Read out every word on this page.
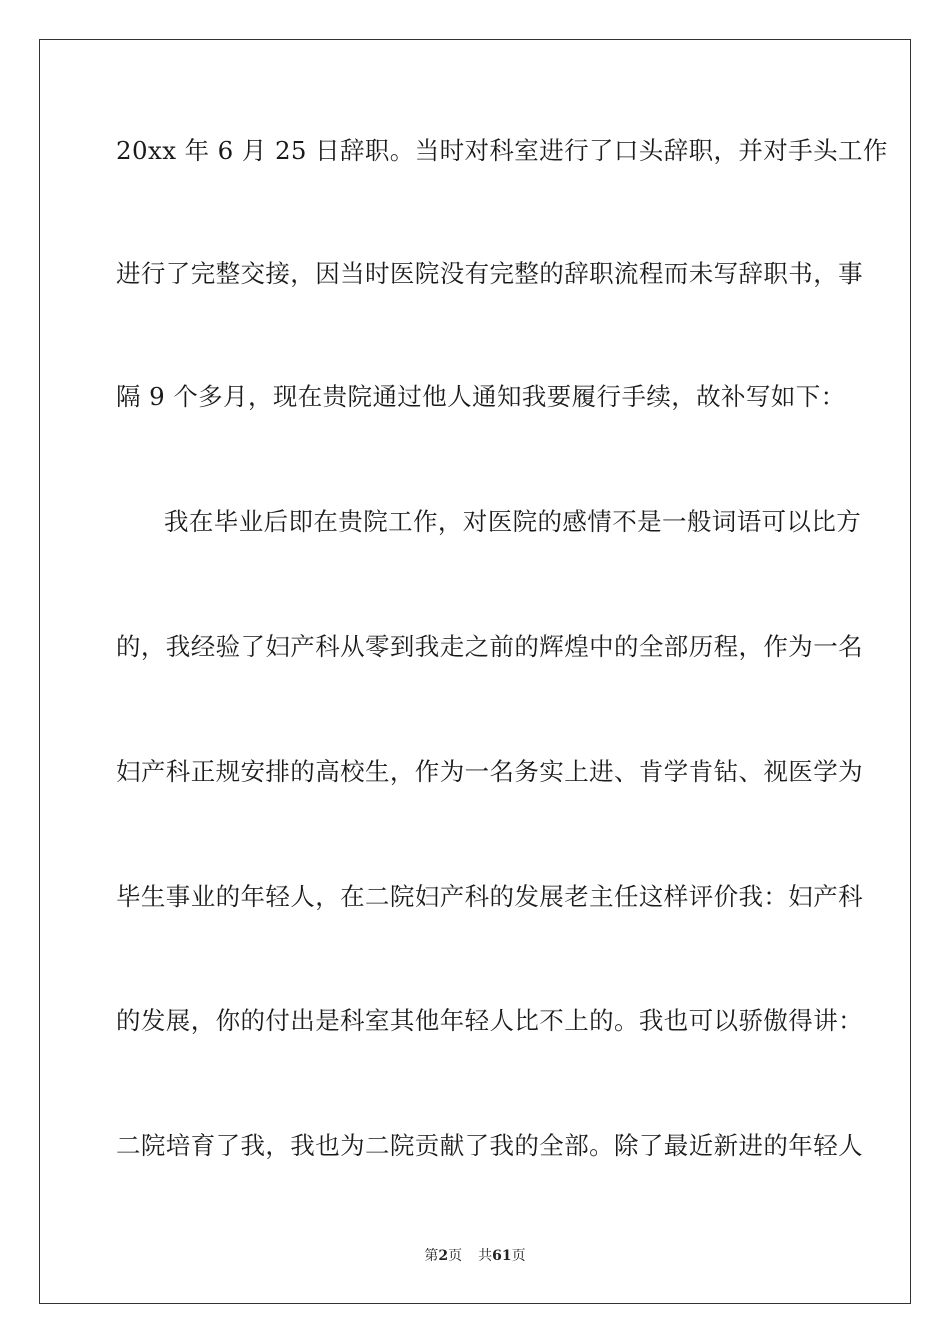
20xx 年 6 月 25 日辞职。当时对科室进行了口头辞职，并对手头工作
进行了完整交接，因当时医院没有完整的辞职流程而未写辞职书，事
隔 9 个多月，现在贵院通过他人通知我要履行手续，故补写如下：
我在毕业后即在贵院工作，对医院的感情不是一般词语可以比方
的，我经验了妇产科从零到我走之前的辉煌中的全部历程，作为一名
妇产科正规安排的高校生，作为一名务实上进、肯学肯钻、视医学为
毕生事业的年轻人，在二院妇产科的发展老主任这样评价我：妇产科
的发展，你的付出是科室其他年轻人比不上的。我也可以骄傲得讲：
二院培育了我，我也为二院贡献了我的全部。除了最近新进的年轻人
第2页 共61页
